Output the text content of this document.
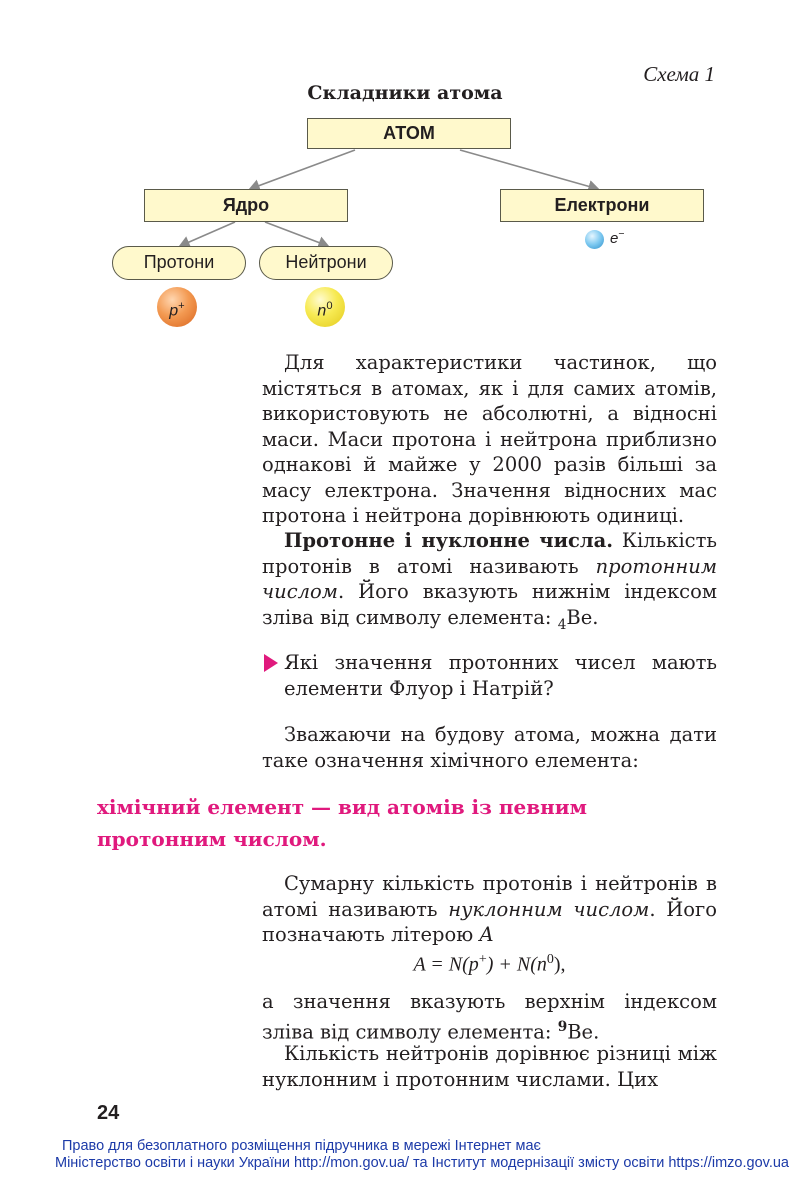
Схема 1
Складники атома
АТОМ
Ядро	Електрони
Протони	Нейтрони
p+	$n^0$
e−

Для характеристики частинок, що містяться в атомах, як і для самих атомів, використовують не абсолютні, а відносні маси. Маси протона і нейтрона приблизно однакові й майже у 2000 разів більші за масу електрона. Значення відносних мас протона і нейтрона дорівнюють одиниці.

Протонне і нуклонне числа. Кількість протонів в атомі називають протонним числом. Його вказують нижнім індексом зліва від символу елемента: $_4$Be.

Які значення протонних чисел мають елементи Флуор і Натрій?

Зважаючи на будову атома, можна дати таке означення хімічного елемента:

хімічний елемент — вид атомів із певним протонним числом.

Сумарну кількість протонів і нейтронів в атомі називають нуклонним числом. Його позначають літерою A

$A = N(p^+) + N(n^0)$,

а значення вказують верхнім індексом зліва від символу елемента: $^9$Be.

Кількість нейтронів дорівнює різниці між нуклонним і протонним числами. Цих

24
Право для безоплатного розміщення підручника в мережі Інтернет має
Міністерство освіти і науки України http://mon.gov.ua/ та Інститут модернізації змісту освіти https://imzo.gov.ua
